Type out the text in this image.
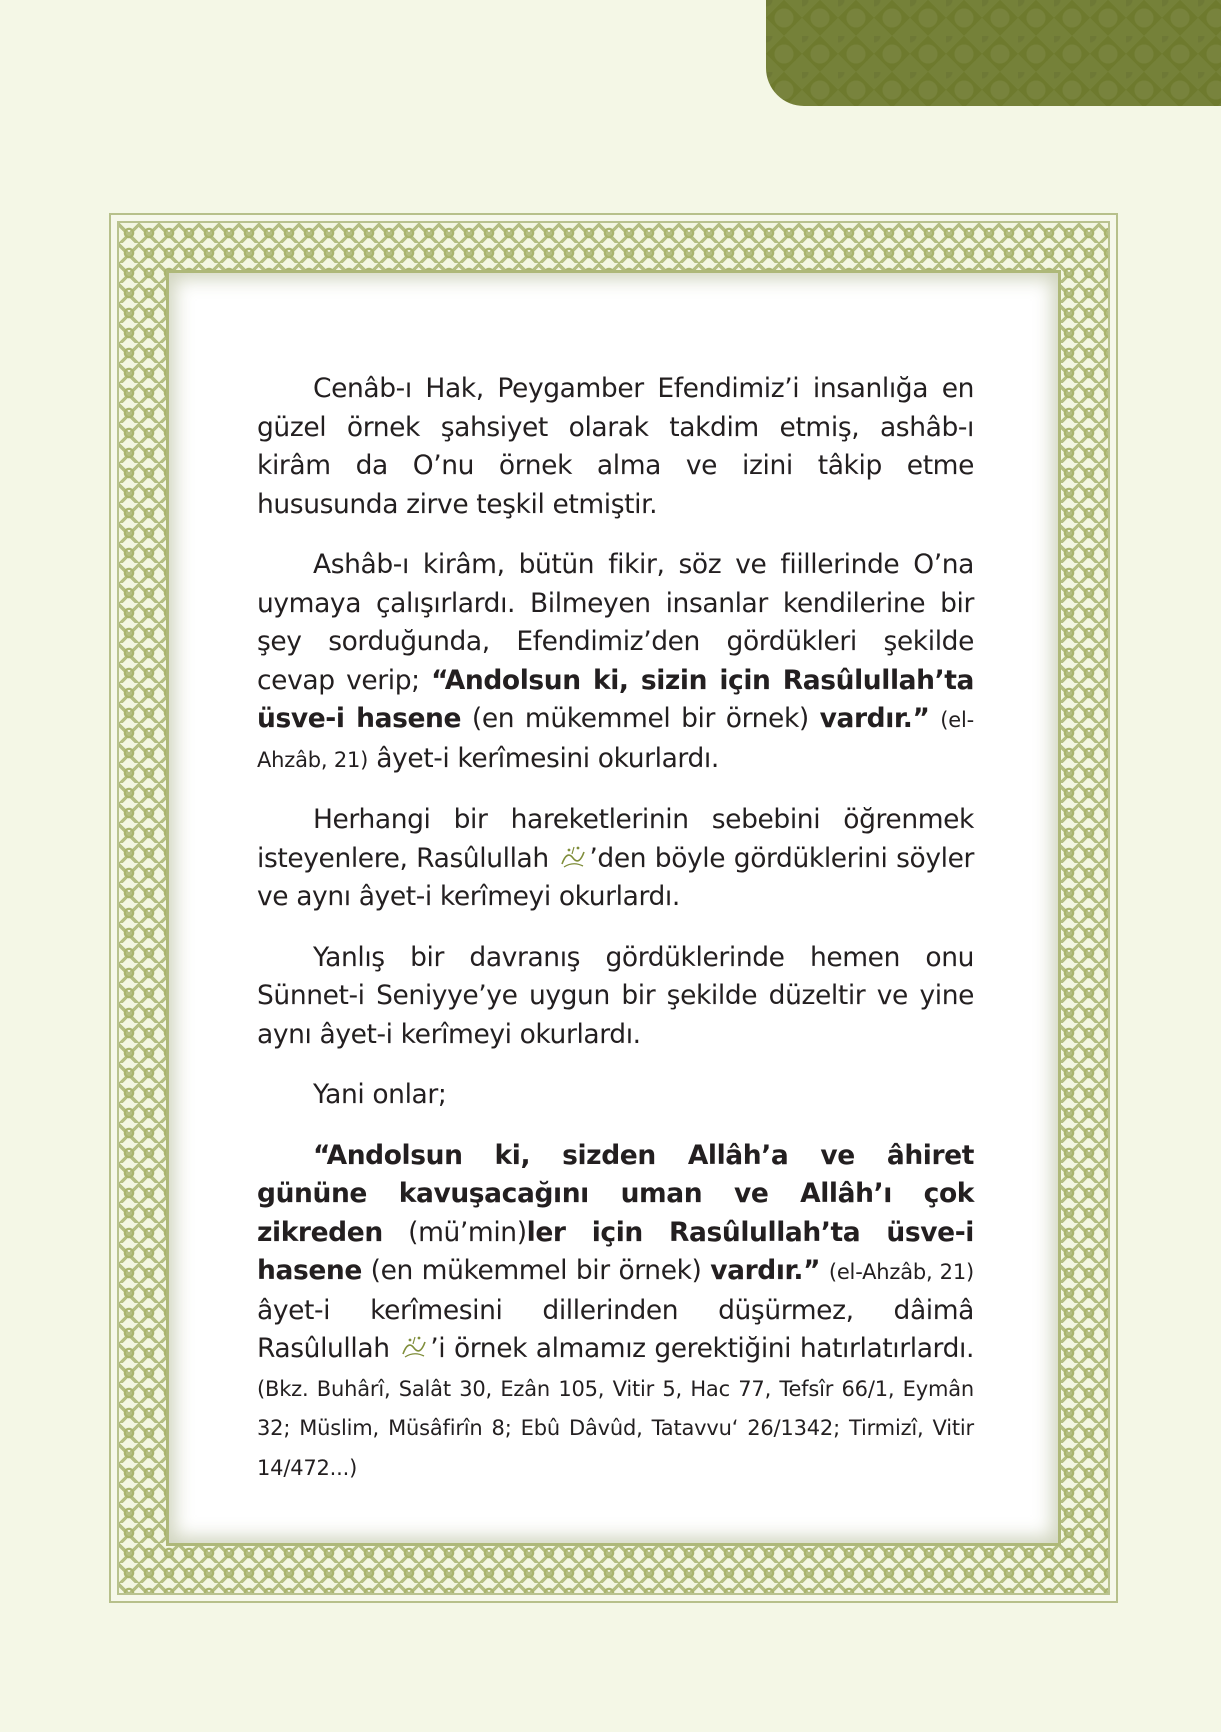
Cenâb-ı Hak, Peygamber Efendimiz’i insanlığa en güzel örnek şahsiyet olarak takdim etmiş, ashâb-ı kirâm da O’nu örnek alma ve izini tâkip etme hususunda zirve teşkil etmiştir.

Ashâb-ı kirâm, bütün fikir, söz ve fiillerinde O’na uymaya çalışırlardı. Bilmeyen insanlar kendilerine bir şey sorduğunda, Efendimiz’den gördükleri şekilde cevap verip; “Andolsun ki, sizin için Rasûlullah’ta üsve-i hasene (en mükemmel bir örnek) vardır.” (el-Ahzâb, 21) âyet-i kerîmesini okurlardı.

Herhangi bir hareketlerinin sebebini öğrenmek isteyenlere, Rasûlullah ’den böyle gördüklerini söyler ve aynı âyet-i kerîmeyi okurlardı.

Yanlış bir davranış gördüklerinde hemen onu Sünnet-i Seniyye’ye uygun bir şekilde düzeltir ve yine aynı âyet-i kerîmeyi okurlardı.

Yani onlar;

“Andolsun ki, sizden Allâh’a ve âhiret gününe kavuşacağını uman ve Allâh’ı çok zikreden (mü’min)ler için Rasûlullah’ta üsve-i hasene (en mükemmel bir örnek) vardır.” (el-Ahzâb, 21) âyet-i kerîmesini dillerinden düşürmez, dâimâ Rasûlullah ’i örnek almamız gerektiğini hatırlatırlardı. (Bkz. Buhârî, Salât 30, Ezân 105, Vitir 5, Hac 77, Tefsîr 66/1, Eymân 32; Müslim, Müsâfirîn 8; Ebû Dâvûd, Tatavvu‘ 26/1342; Tirmizî, Vitir 14/472...)
